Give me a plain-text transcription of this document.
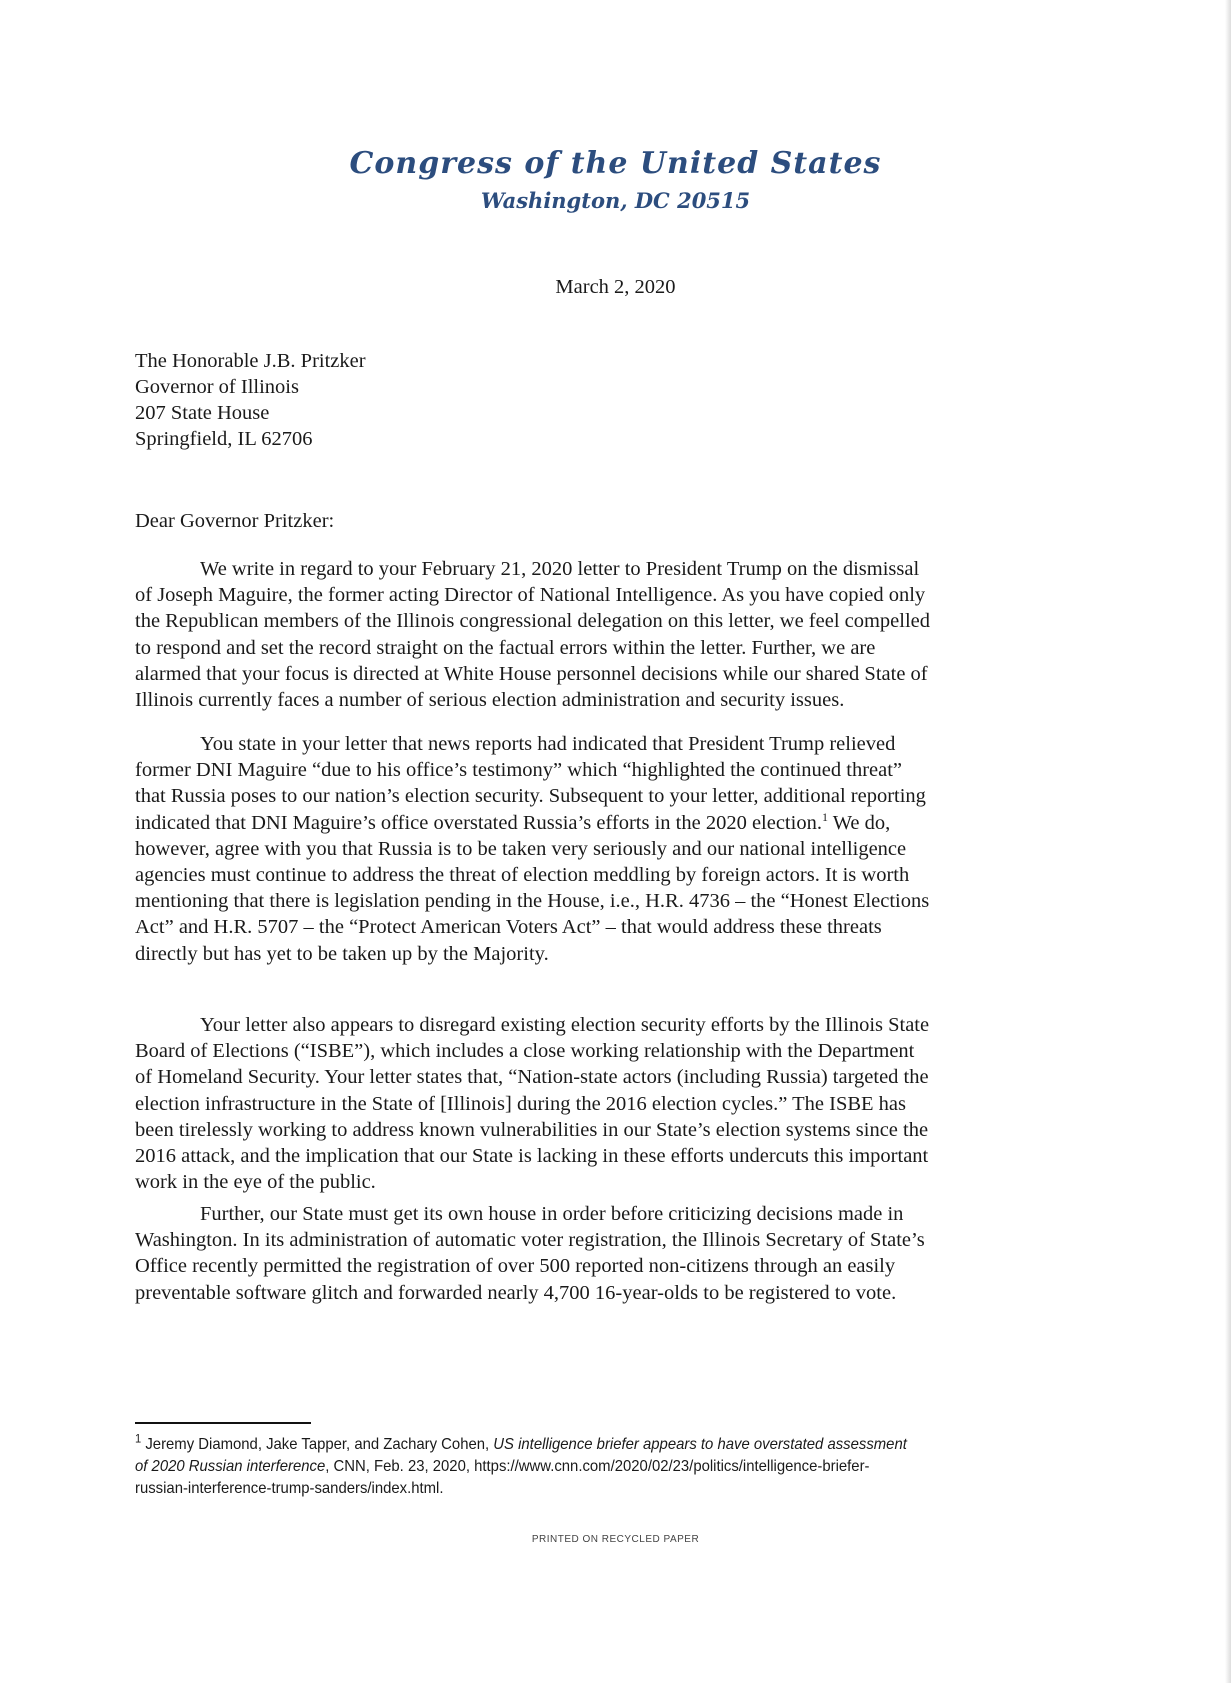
Congress of the United States
Washington, DC 20515
March 2, 2020
The Honorable J.B. Pritzker
Governor of Illinois
207 State House
Springfield, IL 62706
Dear Governor Pritzker:
We write in regard to your February 21, 2020 letter to President Trump on the dismissal
of Joseph Maguire, the former acting Director of National Intelligence. As you have copied only
the Republican members of the Illinois congressional delegation on this letter, we feel compelled
to respond and set the record straight on the factual errors within the letter. Further, we are
alarmed that your focus is directed at White House personnel decisions while our shared State of
Illinois currently faces a number of serious election administration and security issues.
You state in your letter that news reports had indicated that President Trump relieved
former DNI Maguire “due to his office’s testimony” which “highlighted the continued threat”
that Russia poses to our nation’s election security. Subsequent to your letter, additional reporting
indicated that DNI Maguire’s office overstated Russia’s efforts in the 2020 election.$^1$ We do,
however, agree with you that Russia is to be taken very seriously and our national intelligence
agencies must continue to address the threat of election meddling by foreign actors. It is worth
mentioning that there is legislation pending in the House, i.e., H.R. 4736 – the “Honest Elections
Act” and H.R. 5707 – the “Protect American Voters Act” – that would address these threats
directly but has yet to be taken up by the Majority.
Your letter also appears to disregard existing election security efforts by the Illinois State
Board of Elections (“ISBE”), which includes a close working relationship with the Department
of Homeland Security. Your letter states that, “Nation-state actors (including Russia) targeted the
election infrastructure in the State of [Illinois] during the 2016 election cycles.” The ISBE has
been tirelessly working to address known vulnerabilities in our State’s election systems since the
2016 attack, and the implication that our State is lacking in these efforts undercuts this important
work in the eye of the public.
Further, our State must get its own house in order before criticizing decisions made in
Washington. In its administration of automatic voter registration, the Illinois Secretary of State’s
Office recently permitted the registration of over 500 reported non-citizens through an easily
preventable software glitch and forwarded nearly 4,700 16-year-olds to be registered to vote.
$^1$ Jeremy Diamond, Jake Tapper, and Zachary Cohen, US intelligence briefer appears to have overstated assessment
of 2020 Russian interference, CNN, Feb. 23, 2020, https://www.cnn.com/2020/02/23/politics/intelligence-briefer-
russian-interference-trump-sanders/index.html.
PRINTED ON RECYCLED PAPER
